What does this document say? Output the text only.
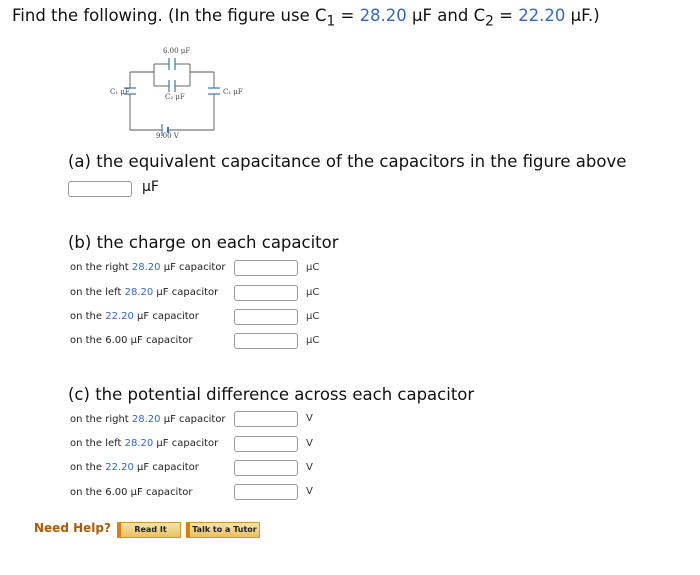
Find the following. (In the figure use $C_1 = 28.20$ μF and $C_2 = 22.20$ μF.)
6.00 μF
C₁ μF
C₂ μF
C₁ μF
9.00 V
(a) the equivalent capacitance of the capacitors in the figure above
μF
(b) the charge on each capacitor
on the right 28.20 μF capacitor	μC
on the left 28.20 μF capacitor	μC
on the 22.20 μF capacitor	μC
on the 6.00 μF capacitor	μC
(c) the potential difference across each capacitor
on the right 28.20 μF capacitor	V
on the left 28.20 μF capacitor	V
on the 22.20 μF capacitor	V
on the 6.00 μF capacitor	V
Need Help?	Read It	Talk to a Tutor
